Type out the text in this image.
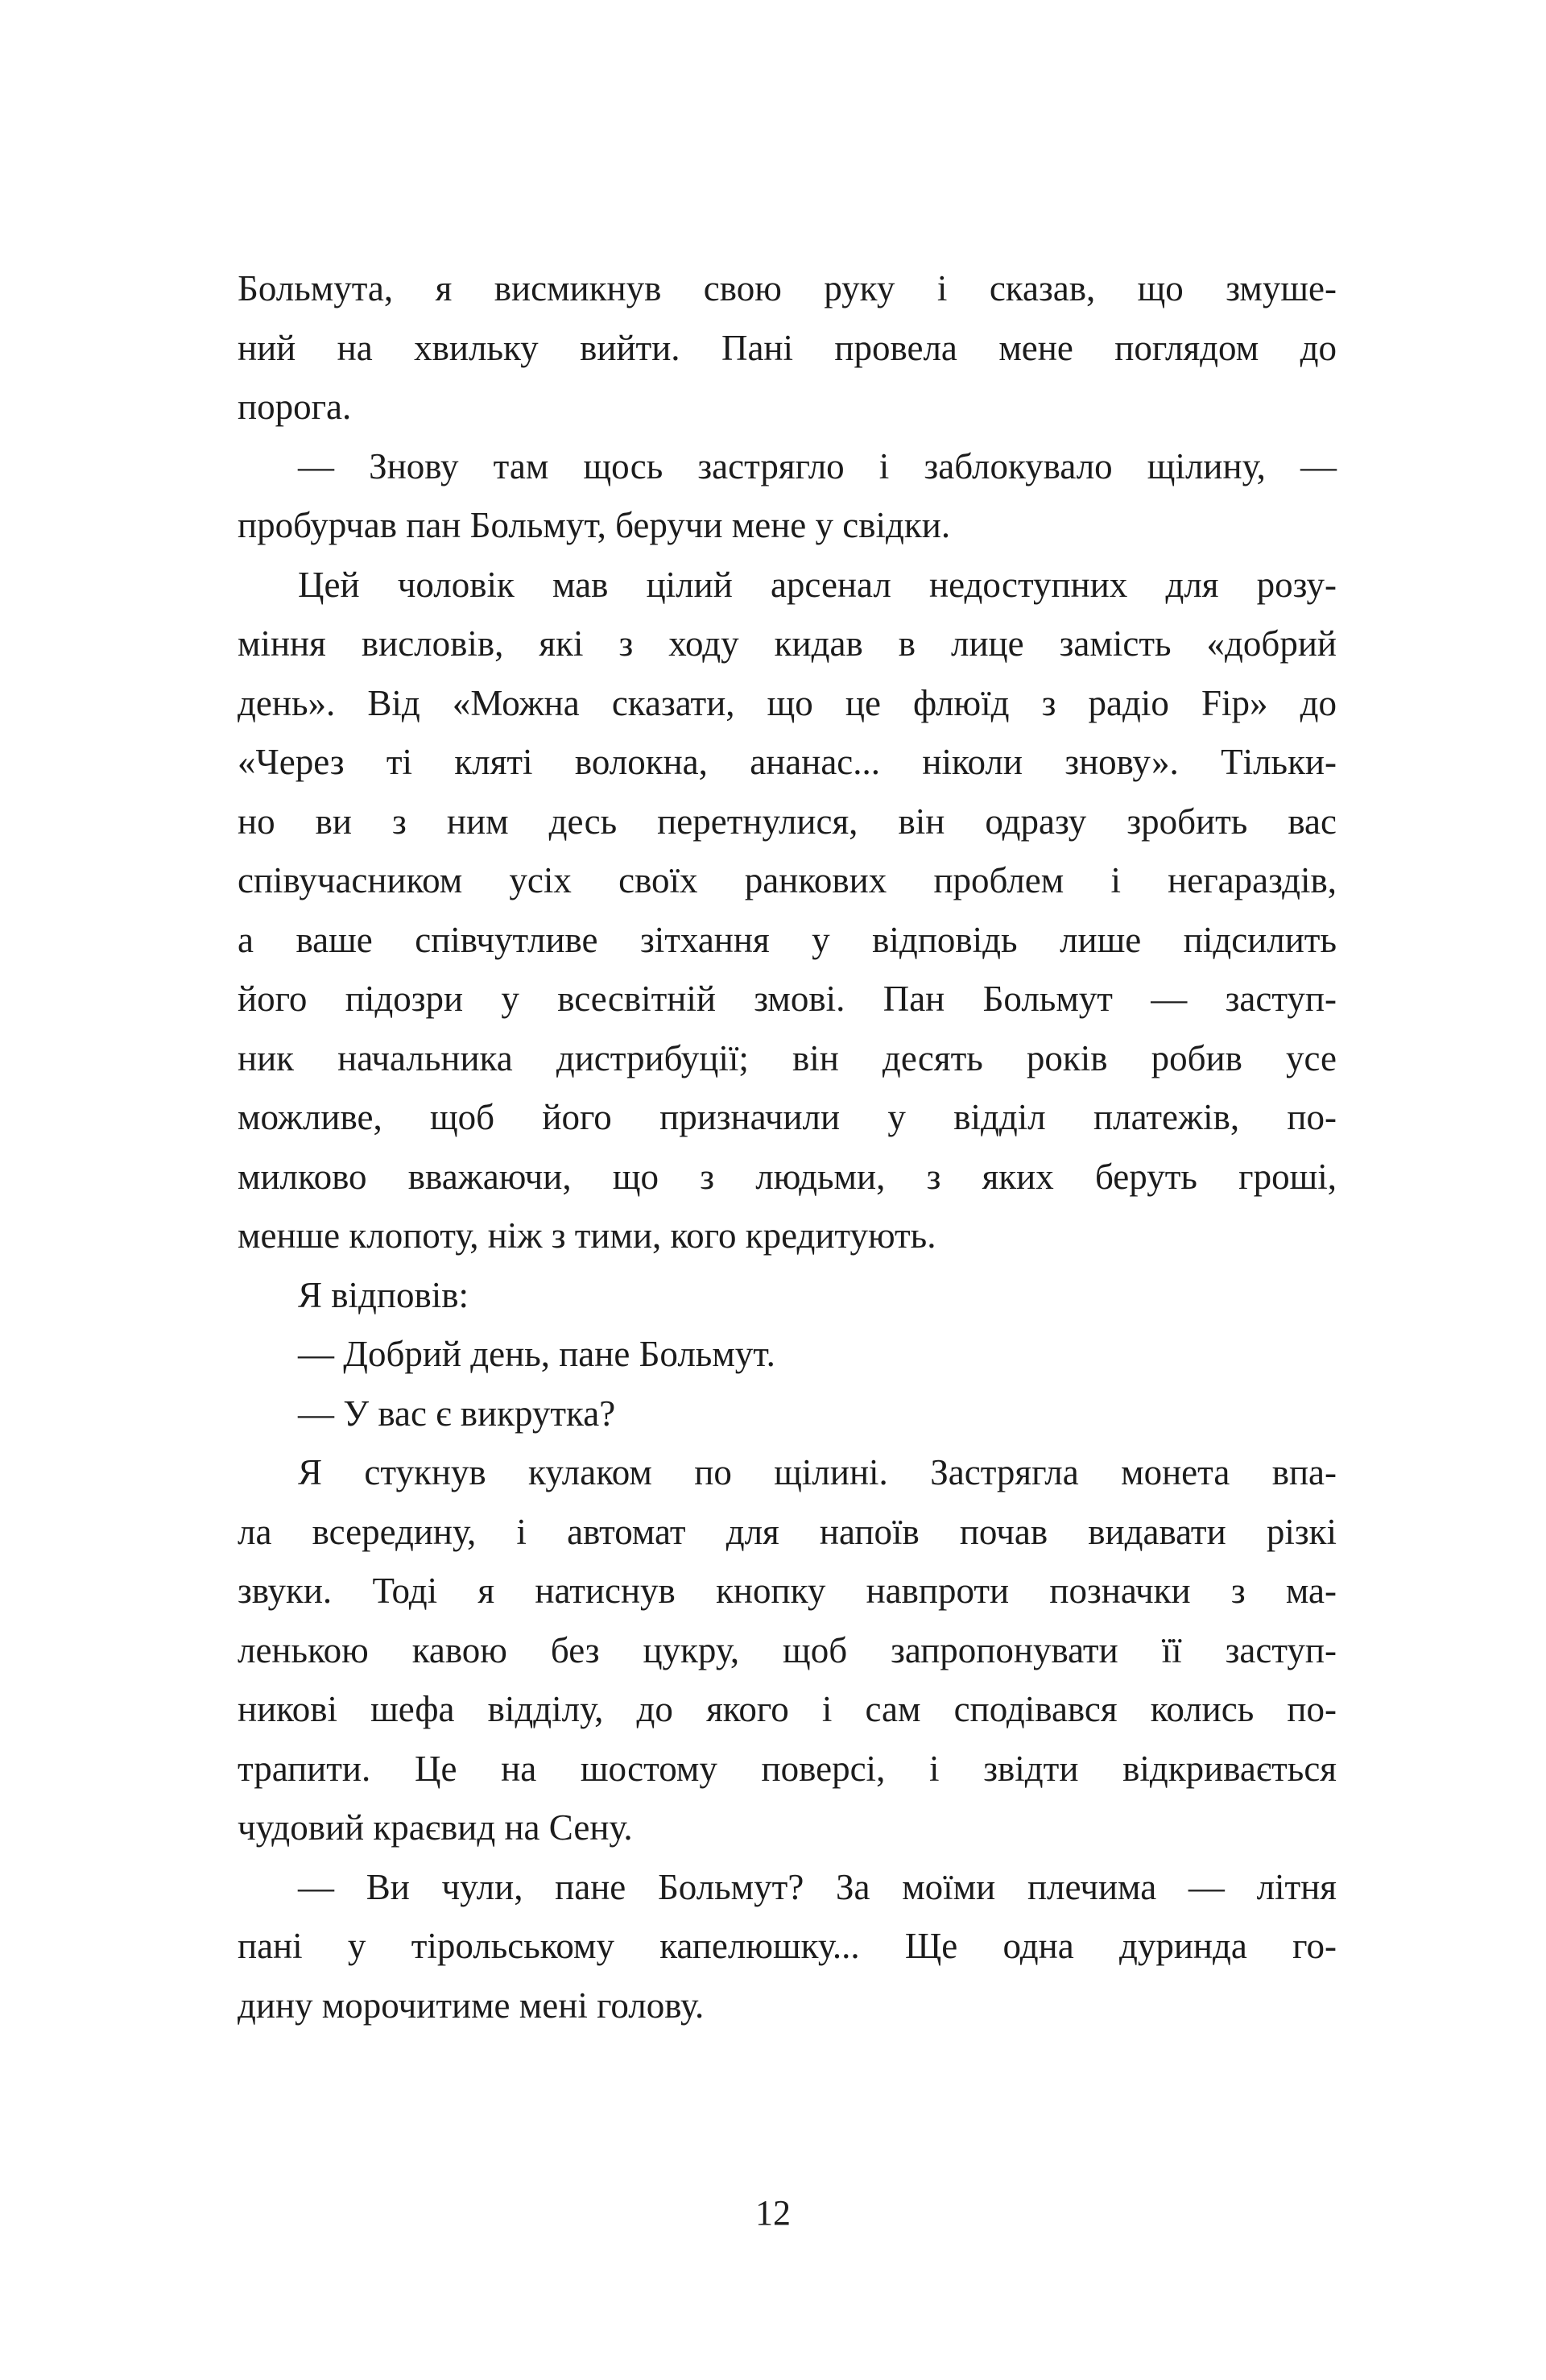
Больмута, я висмикнув свою руку і сказав, що змуше-
ний на хвильку вийти. Пані провела мене поглядом до
порога.
— Знову там щось застрягло і заблокувало щілину, —
пробурчав пан Больмут, беручи мене у свідки.
Цей чоловік мав цілий арсенал недоступних для розу-
міння висловів, які з ходу кидав в лице замість «добрий
день». Від «Можна сказати, що це флюїд з радіо Fip» до
«Через ті кляті волокна, ананас... ніколи знову». Тільки-
но ви з ним десь перетнулися, він одразу зробить вас
співучасником усіх своїх ранкових проблем і негараздів,
а ваше співчутливе зітхання у відповідь лише підсилить
його підозри у всесвітній змові. Пан Больмут — заступ-
ник начальника дистрибуції; він десять років робив усе
можливе, щоб його призначили у відділ платежів, по-
милково вважаючи, що з людьми, з яких беруть гроші,
менше клопоту, ніж з тими, кого кредитують.
Я відповів:
— Добрий день, пане Больмут.
— У вас є викрутка?
Я стукнув кулаком по щілині. Застрягла монета впа-
ла всередину, і автомат для напоїв почав видавати різкі
звуки. Тоді я натиснув кнопку навпроти позначки з ма-
ленькою кавою без цукру, щоб запропонувати її заступ-
никові шефа відділу, до якого і сам сподівався колись по-
трапити. Це на шостому поверсі, і звідти відкривається
чудовий краєвид на Сену.
— Ви чули, пане Больмут? За моїми плечима — літня
пані у тірольському капелюшку... Ще одна дуринда го-
дину морочитиме мені голову.
12
